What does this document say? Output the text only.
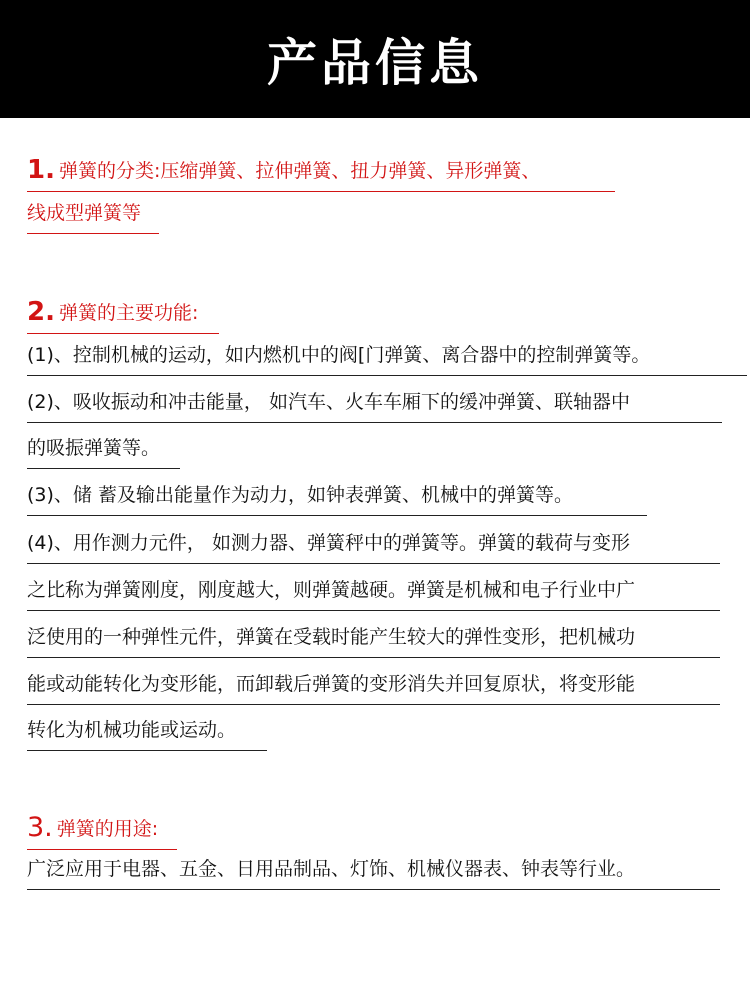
产品信息
1. 弹簧的分类:压缩弹簧、拉伸弹簧、扭力弹簧、异形弹簧、
线成型弹簧等
2. 弹簧的主要功能:
(1)、控制机械的运动，如内燃机中的阀[门弹簧、离合器中的控制弹簧等。
(2)、吸收振动和冲击能量， 如汽车、火车车厢下的缓冲弹簧、联轴器中
的吸振弹簧等。
(3)、储 蓄及输出能量作为动力，如钟表弹簧、机械中的弹簧等。
(4)、用作测力元件， 如测力器、弹簧秤中的弹簧等。弹簧的载荷与变形
之比称为弹簧刚度，刚度越大，则弹簧越硬。弹簧是机械和电子行业中广
泛使用的一种弹性元件，弹簧在受载时能产生较大的弹性变形，把机械功
能或动能转化为变形能，而卸载后弹簧的变形消失并回复原状，将变形能
转化为机械功能或运动。
3. 弹簧的用途:
广泛应用于电器、五金、日用品制品、灯饰、机械仪器表、钟表等行业。
